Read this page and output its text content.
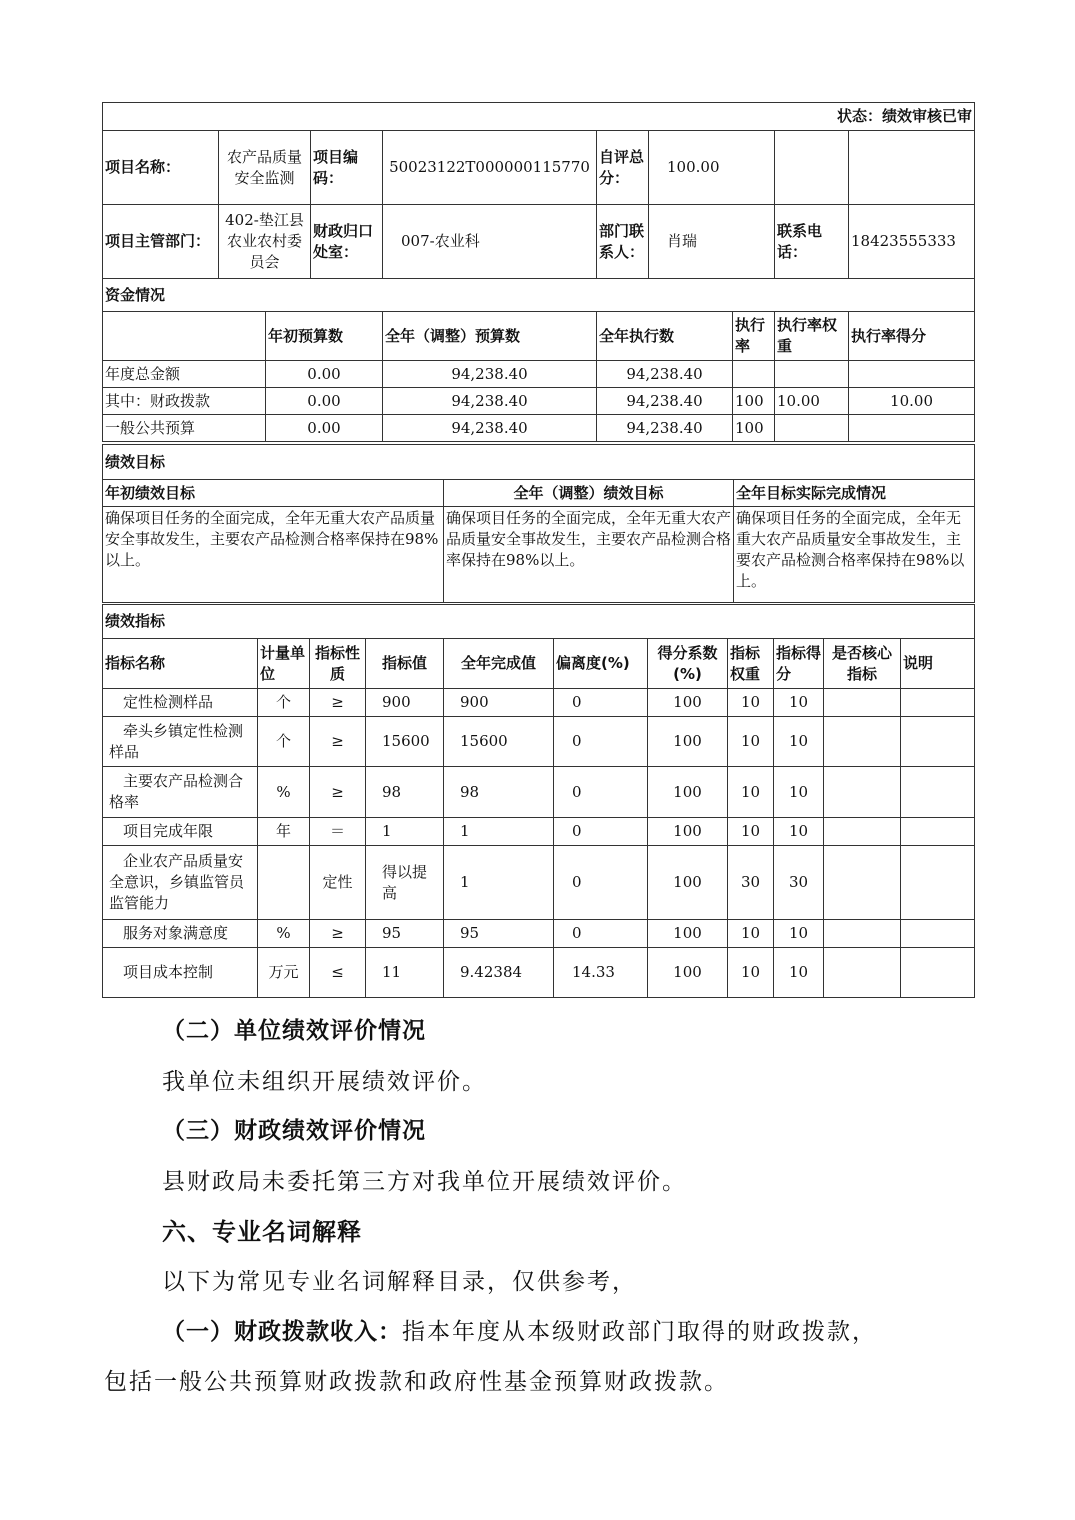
状态：绩效审核已审							
项目名称：	农产品质量安全监测	项目编码：	50023122T000000115770	自评总分：	100.00		
项目主管部门：	402-垫江县农业农村委员会	财政归口处室：	007-农业科	部门联系人：	肖瑞	联系电话：	18423555333
资金情况						
	年初预算数	全年（调整）预算数	全年执行数	执行率	执行率权重	执行率得分
年度总金额	0.00	94,238.40	94,238.40			
其中：财政拨款	0.00	94,238.40	94,238.40	100	10.00	10.00
一般公共预算	0.00	94,238.40	94,238.40	100		
绩效目标		
年初绩效目标	全年（调整）绩效目标	全年目标实际完成情况
确保项目任务的全面完成，全年无重大农产品质量安全事故发生，主要农产品检测合格率保持在98%以上。	确保项目任务的全面完成，全年无重大农产品质量安全事故发生，主要农产品检测合格率保持在98%以上。	确保项目任务的全面完成，全年无重大农产品质量安全事故发生，主要农产品检测合格率保持在98%以上。
绩效指标										
指标名称	计量单位	指标性质	指标值	全年完成值	偏离度(%)	得分系数(%)	指标权重	指标得分	是否核心指标	说明
定性检测样品	个	≥	900	900	0	100	10	10		
牵头乡镇定性检测样品	个	≥	15600	15600	0	100	10	10		
主要农产品检测合格率	%	≥	98	98	0	100	10	10		
项目完成年限	年	＝	1	1	0	100	10	10		
企业农产品质量安全意识，乡镇监管员监管能力		定性	得以提高	1	0	100	30	30		
服务对象满意度	%	≥	95	95	0	100	10	10		
项目成本控制	万元	≤	11	9.42384	14.33	100	10	10		
（二）单位绩效评价情况
我单位未组织开展绩效评价。
（三）财政绩效评价情况
县财政局未委托第三方对我单位开展绩效评价。
六、专业名词解释
以下为常见专业名词解释目录，仅供参考，
（一）财政拨款收入：指本年度从本级财政部门取得的财政拨款，
包括一般公共预算财政拨款和政府性基金预算财政拨款。
